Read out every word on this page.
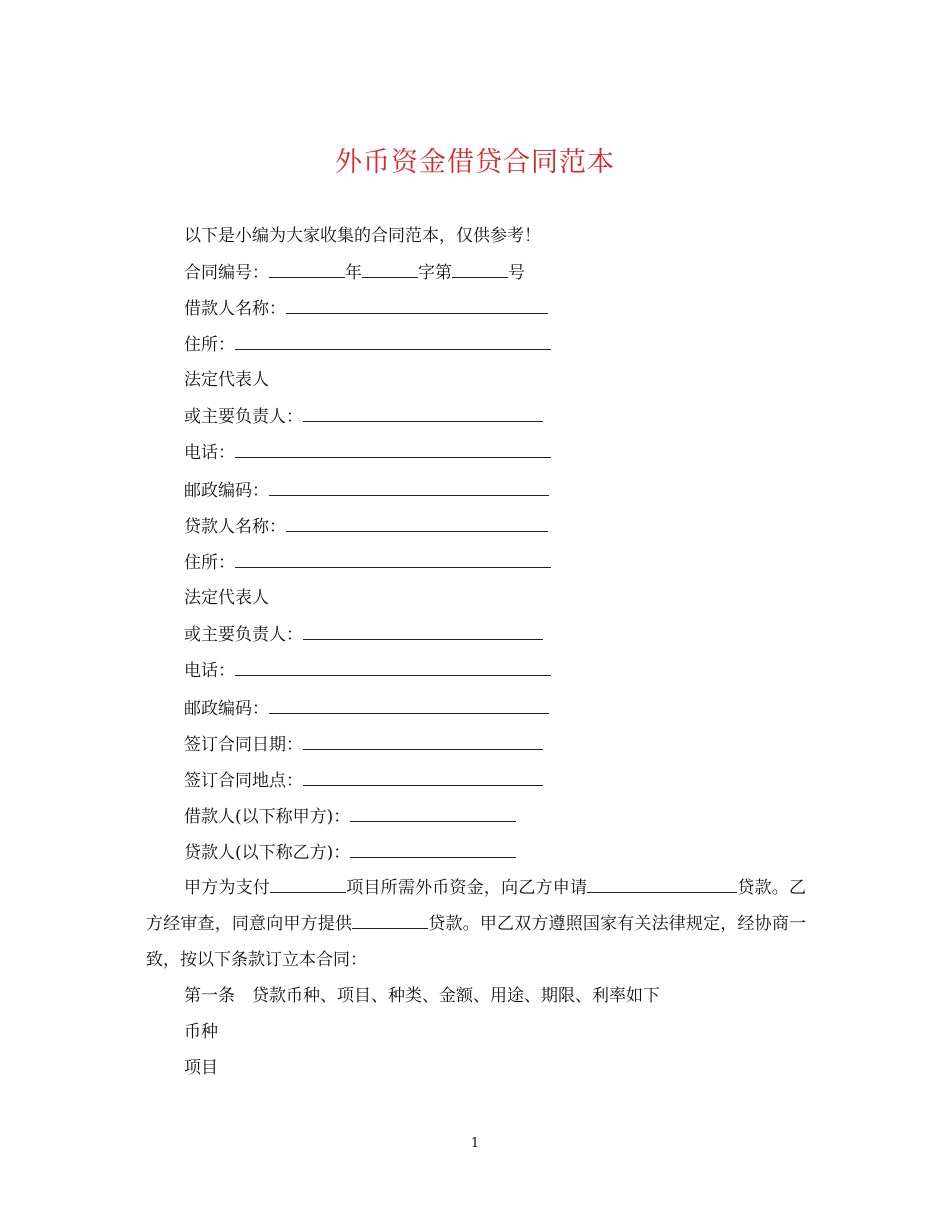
外币资金借贷合同范本
以下是小编为大家收集的合同范本，仅供参考！
合同编号：	年	字第	号
借款人名称：
住所：
法定代表人
或主要负责人：
电话：
邮政编码：
贷款人名称：
住所：
法定代表人
或主要负责人：
电话：
邮政编码：
签订合同日期：
签订合同地点：
借款人(以下称甲方)：
贷款人(以下称乙方)：
甲方为支付	项目所需外币资金，向乙方申请	贷款。乙方经审查，同意向甲方提供	贷款。甲乙双方遵照国家有关法律规定，经协商一致，按以下条款订立本合同：
第一条　贷款币种、项目、种类、金额、用途、期限、利率如下
币种
项目
1
